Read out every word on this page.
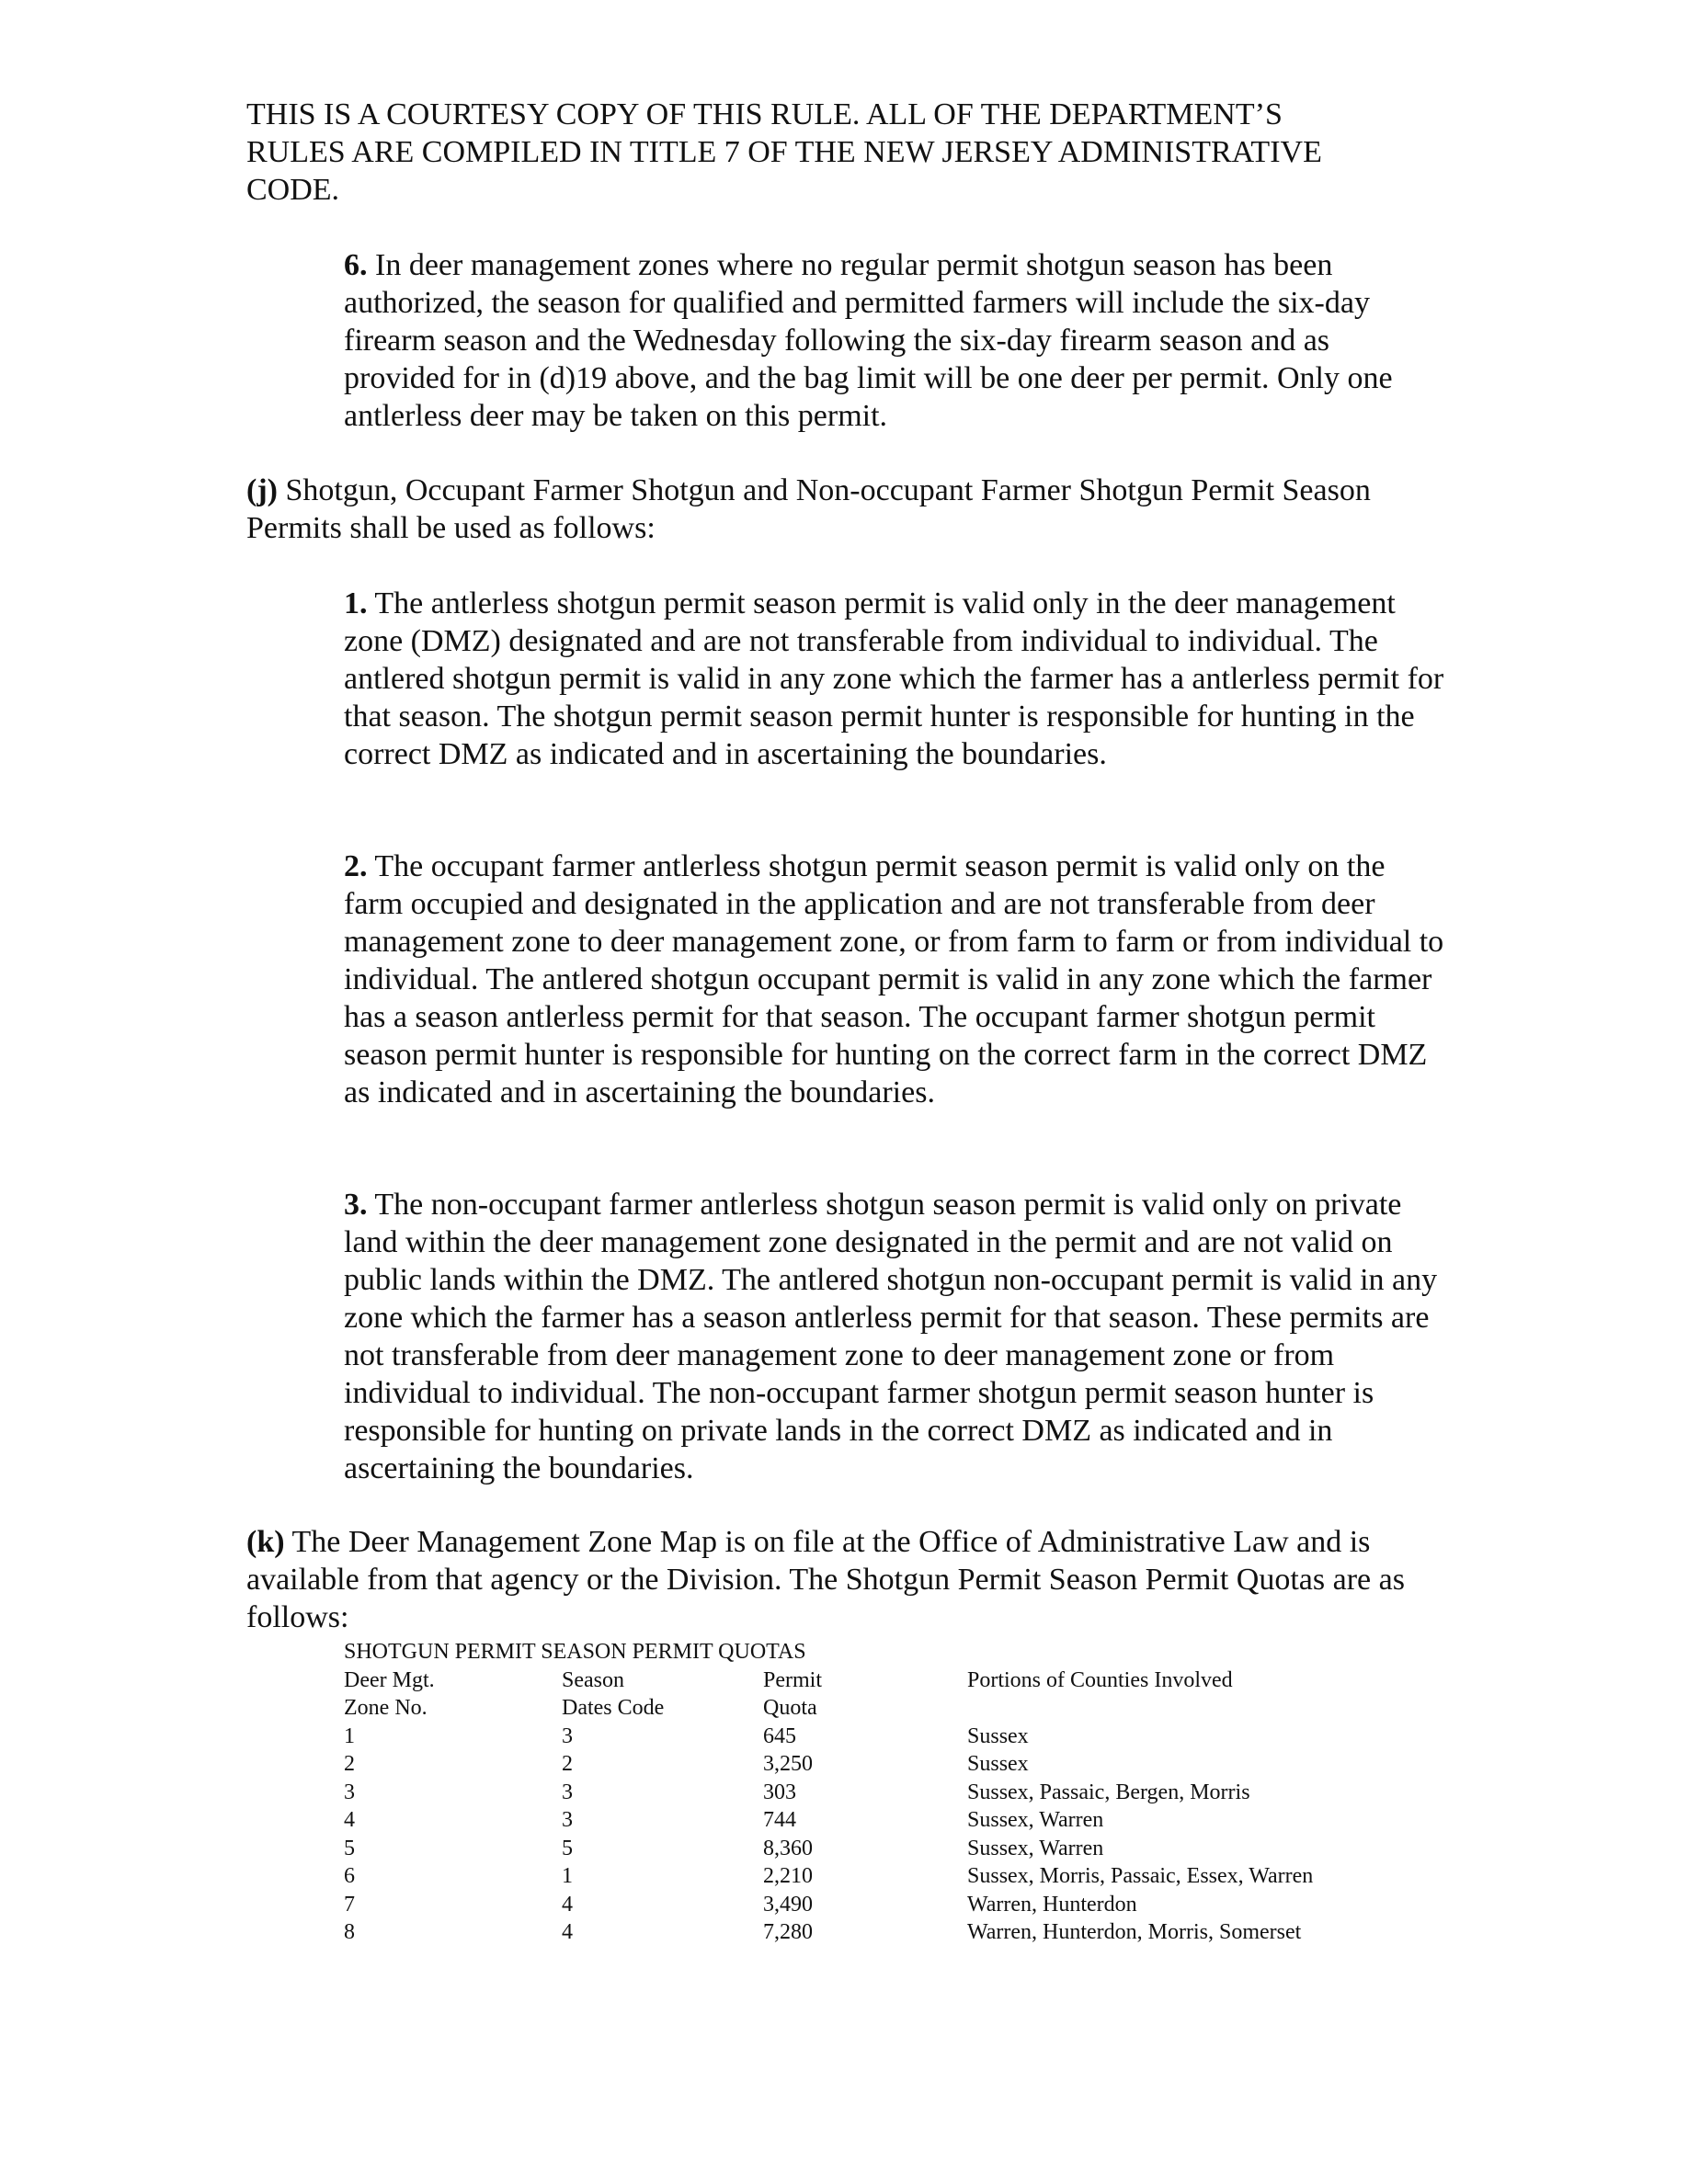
THIS IS A COURTESY COPY OF THIS RULE. ALL OF THE DEPARTMENT’S
RULES ARE COMPILED IN TITLE 7 OF THE NEW JERSEY ADMINISTRATIVE
CODE.

6. In deer management zones where no regular permit shotgun season has been authorized, the season for qualified and permitted farmers will include the six-day firearm season and the Wednesday following the six-day firearm season and as provided for in (d)19 above, and the bag limit will be one deer per permit. Only one antlerless deer may be taken on this permit.

(j) Shotgun, Occupant Farmer Shotgun and Non-occupant Farmer Shotgun Permit Season Permits shall be used as follows:

1. The antlerless shotgun permit season permit is valid only in the deer management zone (DMZ) designated and are not transferable from individual to individual. The antlered shotgun permit is valid in any zone which the farmer has a antlerless permit for that season. The shotgun permit season permit hunter is responsible for hunting in the correct DMZ as indicated and in ascertaining the boundaries.

2. The occupant farmer antlerless shotgun permit season permit is valid only on the farm occupied and designated in the application and are not transferable from deer management zone to deer management zone, or from farm to farm or from individual to individual. The antlered shotgun occupant permit is valid in any zone which the farmer has a season antlerless permit for that season. The occupant farmer shotgun permit season permit hunter is responsible for hunting on the correct farm in the correct DMZ as indicated and in ascertaining the boundaries.

3. The non-occupant farmer antlerless shotgun season permit is valid only on private land within the deer management zone designated in the permit and are not valid on public lands within the DMZ. The antlered shotgun non-occupant permit is valid in any zone which the farmer has a season antlerless permit for that season. These permits are not transferable from deer management zone to deer management zone or from individual to individual. The non-occupant farmer shotgun permit season hunter is responsible for hunting on private lands in the correct DMZ as indicated and in ascertaining the boundaries.

(k) The Deer Management Zone Map is on file at the Office of Administrative Law and is available from that agency or the Division. The Shotgun Permit Season Permit Quotas are as follows:

SHOTGUN PERMIT SEASON PERMIT QUOTAS
Deer Mgt.	Season	Permit	Portions of Counties Involved
Zone No.	Dates Code	Quota
1	3	645	Sussex
2	2	3,250	Sussex
3	3	303	Sussex, Passaic, Bergen, Morris
4	3	744	Sussex, Warren
5	5	8,360	Sussex, Warren
6	1	2,210	Sussex, Morris, Passaic, Essex, Warren
7	4	3,490	Warren, Hunterdon
8	4	7,280	Warren, Hunterdon, Morris, Somerset
